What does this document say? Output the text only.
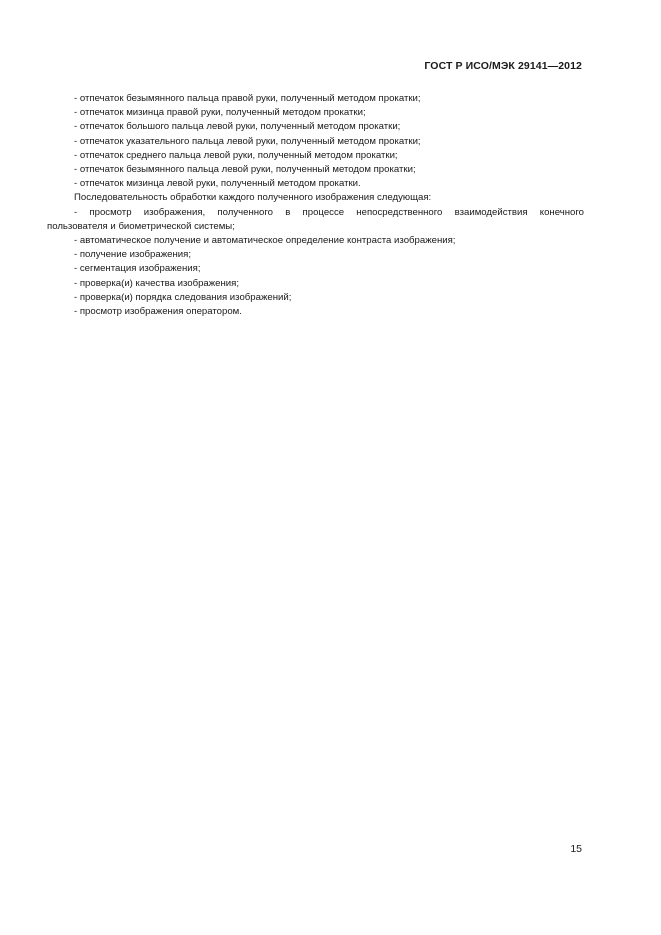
ГОСТ Р ИСО/МЭК 29141—2012
- отпечаток безымянного пальца правой руки, полученный методом прокатки;
- отпечаток мизинца правой руки, полученный методом прокатки;
- отпечаток большого пальца левой руки, полученный методом прокатки;
- отпечаток указательного пальца левой руки, полученный методом прокатки;
- отпечаток среднего пальца левой руки, полученный методом прокатки;
- отпечаток безымянного пальца левой руки, полученный методом прокатки;
- отпечаток мизинца левой руки, полученный методом прокатки.
Последовательность обработки каждого полученного изображения следующая:
- просмотр изображения, полученного в процессе непосредственного взаимодействия конечного
пользователя и биометрической системы;
- автоматическое получение и автоматическое определение контраста изображения;
- получение изображения;
- сегментация изображения;
- проверка(и) качества изображения;
- проверка(и) порядка следования изображений;
- просмотр изображения оператором.
15
